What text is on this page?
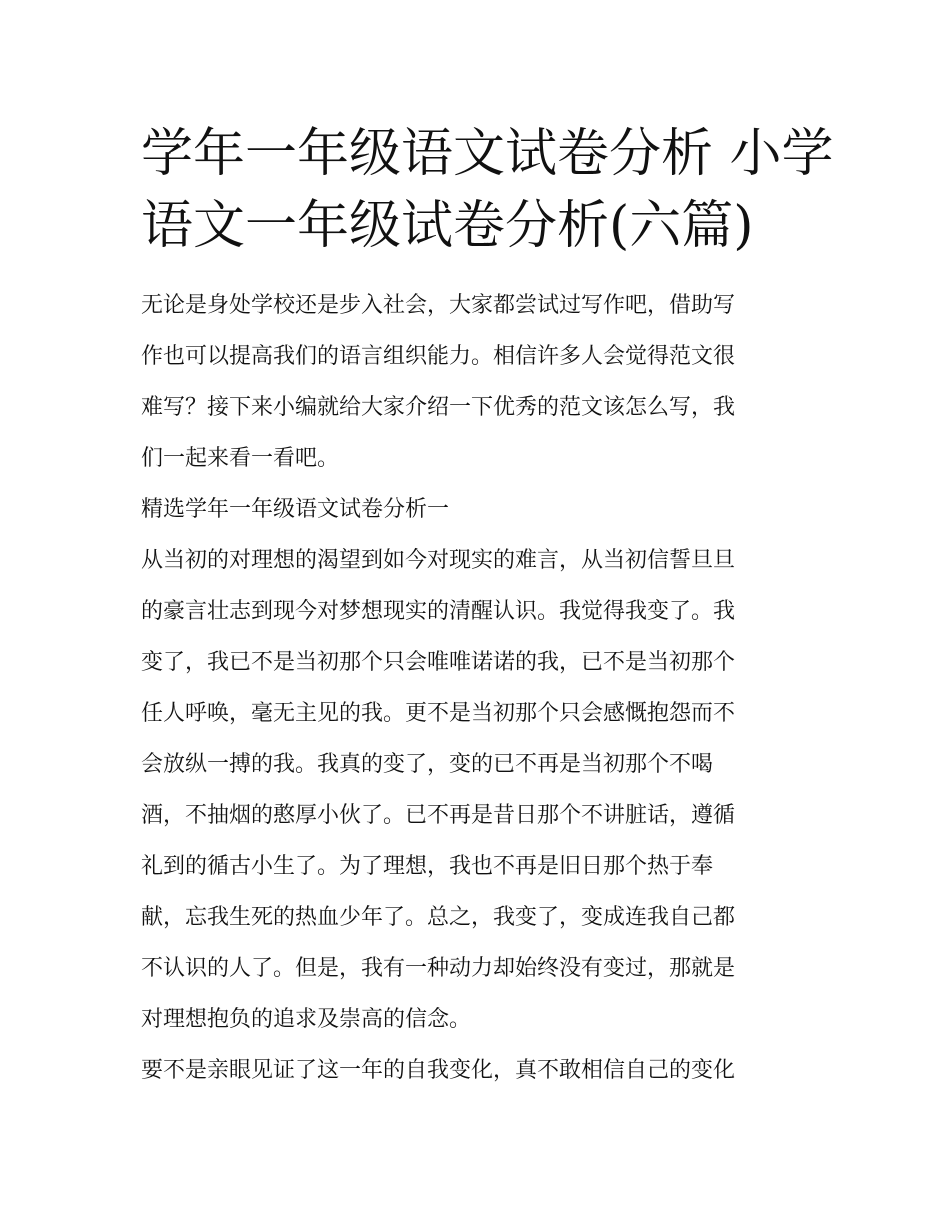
学年一年级语文试卷分析 小学
语文一年级试卷分析(六篇)

无论是身处学校还是步入社会，大家都尝试过写作吧，借助写
作也可以提高我们的语言组织能力。相信许多人会觉得范文很
难写？接下来小编就给大家介绍一下优秀的范文该怎么写，我
们一起来看一看吧。

精选学年一年级语文试卷分析一

从当初的对理想的渴望到如今对现实的难言，从当初信誓旦旦
的豪言壮志到现今对梦想现实的清醒认识。我觉得我变了。我
变了，我已不是当初那个只会唯唯诺诺的我，已不是当初那个
任人呼唤，毫无主见的我。更不是当初那个只会感慨抱怨而不
会放纵一搏的我。我真的变了，变的已不再是当初那个不喝
酒，不抽烟的憨厚小伙了。已不再是昔日那个不讲脏话，遵循
礼到的循古小生了。为了理想，我也不再是旧日那个热于奉
献，忘我生死的热血少年了。总之，我变了，变成连我自己都
不认识的人了。但是，我有一种动力却始终没有变过，那就是
对理想抱负的追求及崇高的信念。

要不是亲眼见证了这一年的自我变化，真不敢相信自己的变化
